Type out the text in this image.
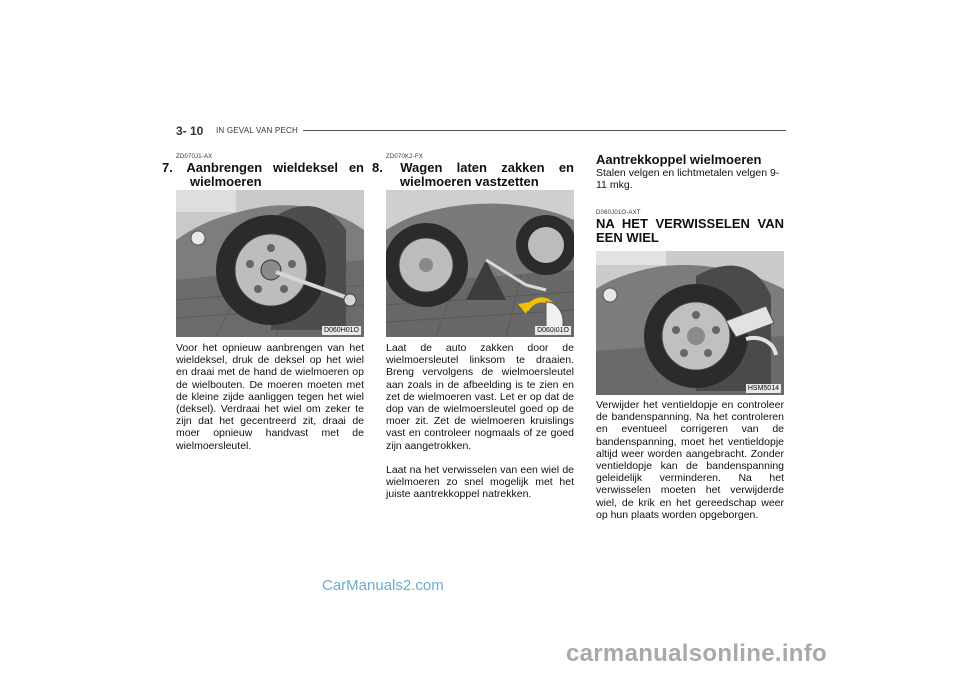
3- 10 IN GEVAL VAN PECH
ZD070J1-AX
7. Aanbrengen wieldeksel en wielmoeren
D060H01O

Voor het opnieuw aanbrengen van het wieldeksel, druk de deksel op het wiel en draai met de hand de wielmoeren op de wielbouten. De moeren moeten met de kleine zijde aanliggen tegen het wiel (deksel). Verdraai het wiel om zeker te zijn dat het gecentreerd zit, draai de moer opnieuw handvast met de wielmoersleutel.

ZD070K2-FX
8. Wagen laten zakken en wielmoeren vastzetten
D060I01O

Laat de auto zakken door de wielmoersleutel linksom te draaien. Breng vervolgens de wielmoersleutel aan zoals in de afbeelding is te zien en zet de wielmoeren vast. Let er op dat de dop van de wielmoersleutel goed op de moer zit. Zet de wielmoeren kruislings vast en controleer nogmaals of ze goed zijn aangetrokken.

Laat na het verwisselen van een wiel de wielmoeren zo snel mogelijk met het juiste aantrekkoppel natrekken.

Aantrekkoppel wielmoeren

Stalen velgen en lichtmetalen velgen 9-11 mkg.

D060J01O-AXT
NA HET VERWISSELEN VAN EEN WIEL
HSM5014

Verwijder het ventieldopje en controleer de bandenspanning. Na het controleren en eventueel corrigeren van de bandenspanning, moet het ventieldopje altijd weer worden aangebracht. Zonder ventieldopje kan de bandenspanning geleidelijk verminderen. Na het verwisselen moeten het verwijderde wiel, de krik en het gereedschap weer op hun plaats worden opgeborgen.

CarManuals2.com
carmanualsonline.info
